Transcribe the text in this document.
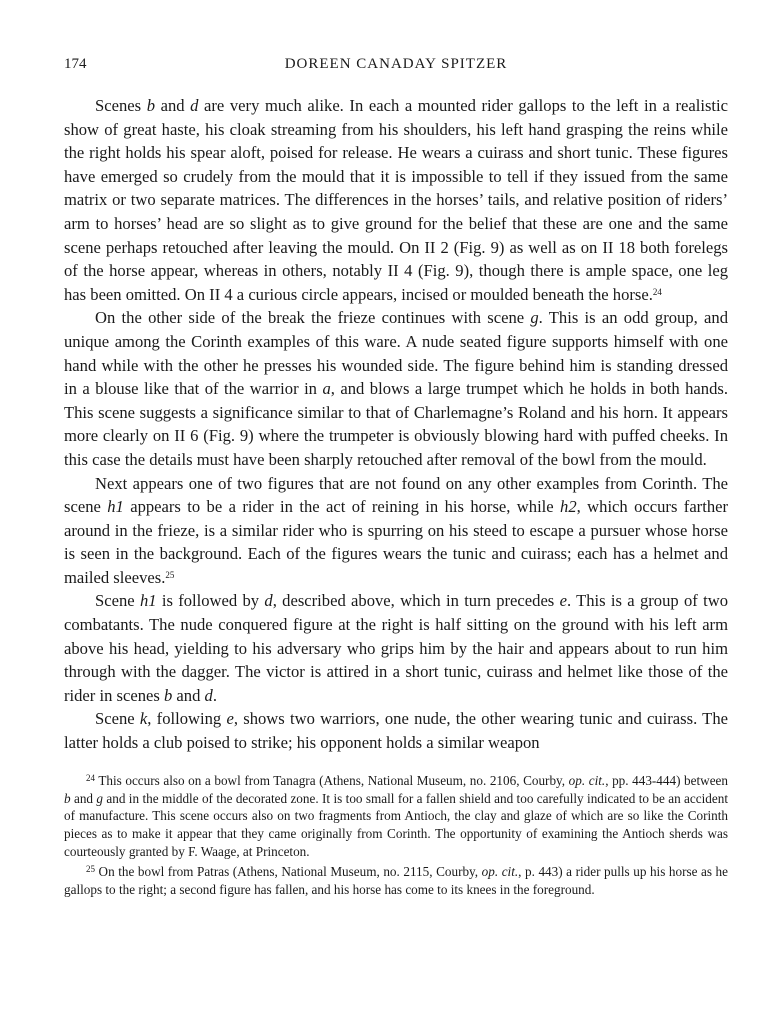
174	DOREEN CANADAY SPITZER

Scenes b and d are very much alike. In each a mounted rider gallops to the left in a realistic show of great haste, his cloak streaming from his shoulders, his left hand grasping the reins while the right holds his spear aloft, poised for release. He wears a cuirass and short tunic. These figures have emerged so crudely from the mould that it is impossible to tell if they issued from the same matrix or two separate matrices. The differences in the horses’ tails, and relative position of riders’ arm to horses’ head are so slight as to give ground for the belief that these are one and the same scene perhaps retouched after leaving the mould. On II 2 (Fig. 9) as well as on II 18 both forelegs of the horse appear, whereas in others, notably II 4 (Fig. 9), though there is ample space, one leg has been omitted. On II 4 a curious circle appears, incised or moulded beneath the horse.$^{24}$

On the other side of the break the frieze continues with scene g. This is an odd group, and unique among the Corinth examples of this ware. A nude seated figure supports himself with one hand while with the other he presses his wounded side. The figure behind him is standing dressed in a blouse like that of the warrior in a, and blows a large trumpet which he holds in both hands. This scene suggests a significance similar to that of Charlemagne’s Roland and his horn. It appears more clearly on II 6 (Fig. 9) where the trumpeter is obviously blowing hard with puffed cheeks. In this case the details must have been sharply retouched after removal of the bowl from the mould.

Next appears one of two figures that are not found on any other examples from Corinth. The scene h1 appears to be a rider in the act of reining in his horse, while h2, which occurs farther around in the frieze, is a similar rider who is spurring on his steed to escape a pursuer whose horse is seen in the background. Each of the figures wears the tunic and cuirass; each has a helmet and mailed sleeves.$^{25}$

Scene h1 is followed by d, described above, which in turn precedes e. This is a group of two combatants. The nude conquered figure at the right is half sitting on the ground with his left arm above his head, yielding to his adversary who grips him by the hair and appears about to run him through with the dagger. The victor is attired in a short tunic, cuirass and helmet like those of the rider in scenes b and d.

Scene k, following e, shows two warriors, one nude, the other wearing tunic and cuirass. The latter holds a club poised to strike; his opponent holds a similar weapon

$^{24}$ This occurs also on a bowl from Tanagra (Athens, National Museum, no. 2106, Courby, op. cit., pp. 443-444) between b and g and in the middle of the decorated zone. It is too small for a fallen shield and too carefully indicated to be an accident of manufacture. This scene occurs also on two fragments from Antioch, the clay and glaze of which are so like the Corinth pieces as to make it appear that they came originally from Corinth. The opportunity of examining the Antioch sherds was courteously granted by F. Waage, at Princeton.

$^{25}$ On the bowl from Patras (Athens, National Museum, no. 2115, Courby, op. cit., p. 443) a rider pulls up his horse as he gallops to the right; a second figure has fallen, and his horse has come to its knees in the foreground.
